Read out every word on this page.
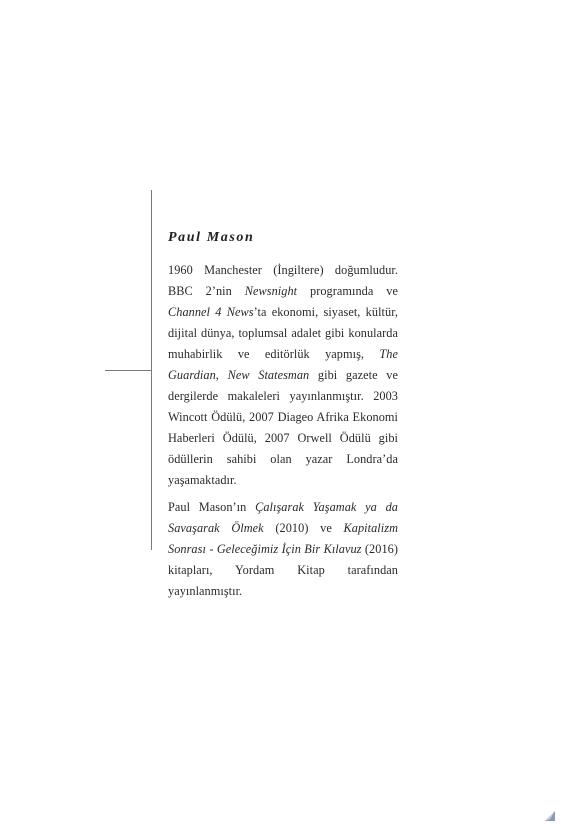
Paul Mason

1960 Manchester (İngiltere) doğumludur. BBC 2’nin Newsnight programında ve Channel 4 News’ta ekonomi, siyaset, kültür, dijital dünya, toplumsal adalet gibi konularda muhabirlik ve editörlük yapmış, The Guardian, New Statesman gibi gazete ve dergilerde makaleleri yayınlanmıştır. 2003 Wincott Ödülü, 2007 Diageo Afrika Ekonomi Haberleri Ödülü, 2007 Orwell Ödülü gibi ödüllerin sahibi olan yazar Londra’da yaşamaktadır.

Paul Mason’ın Çalışarak Yaşamak ya da Savaşarak Ölmek (2010) ve Kapitalizm Sonrası - Geleceğimiz İçin Bir Kılavuz (2016) kitapları, Yordam Kitap tarafından yayınlanmıştır.
